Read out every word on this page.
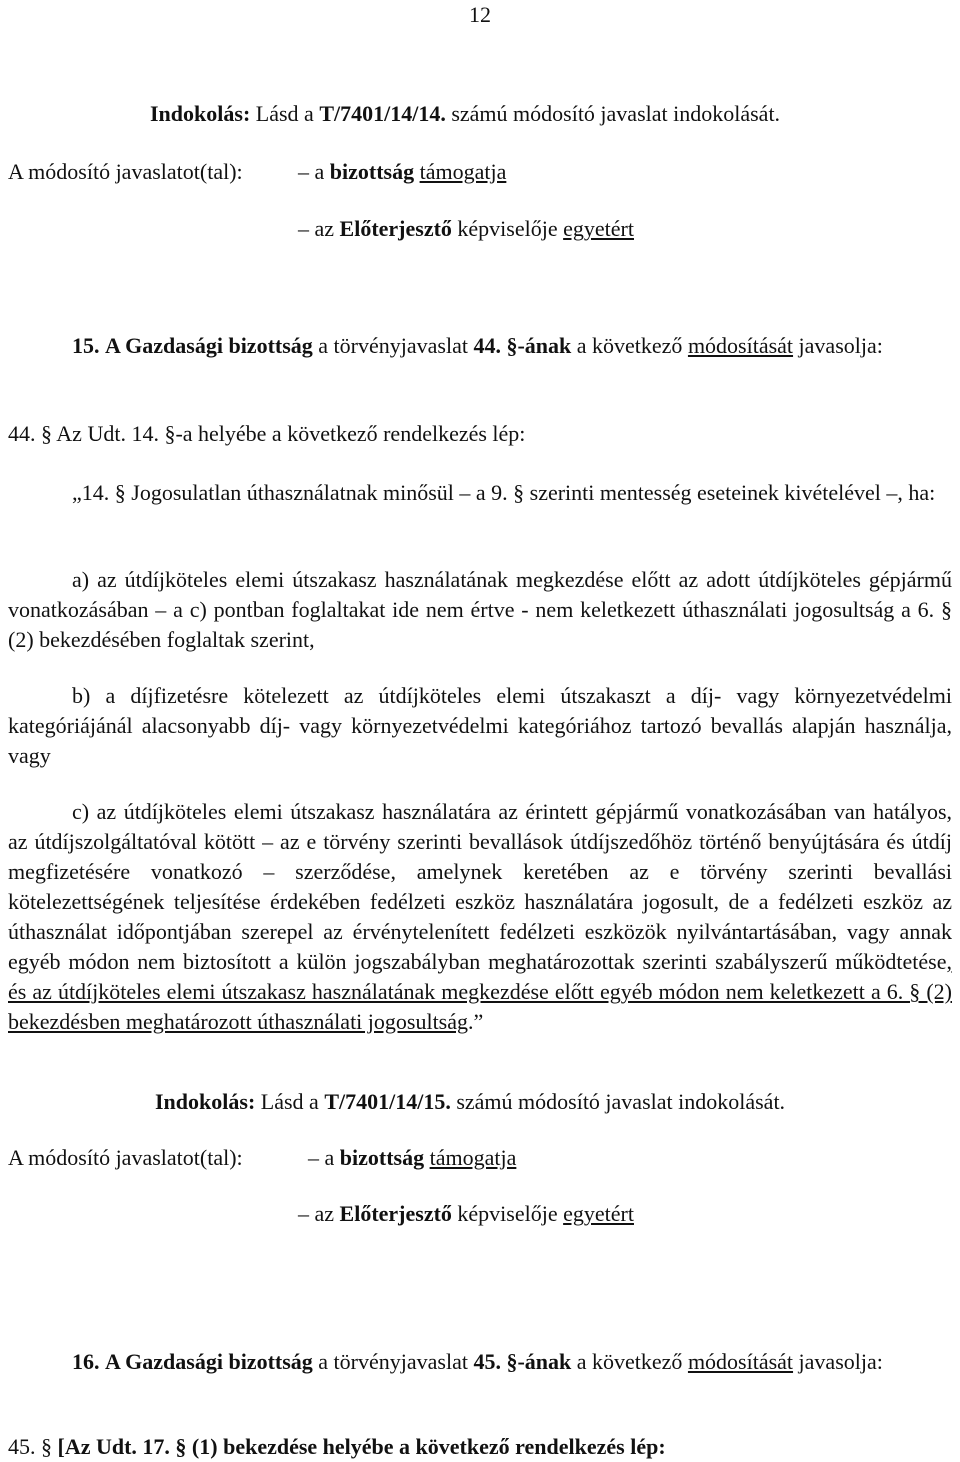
12
Indokolás: Lásd a T/7401/14/14. számú módosító javaslat indokolását.
A módosító javaslatot(tal):	– a bizottság támogatja
– az Előterjesztő képviselője egyetért
15. A Gazdasági bizottság a törvényjavaslat 44. §-ának a következő módosítását javasolja:
44. § Az Udt. 14. §-a helyébe a következő rendelkezés lép:
„14. § Jogosulatlan úthasználatnak minősül – a 9. § szerinti mentesség eseteinek kivételével –, ha:
a) az útdíjköteles elemi útszakasz használatának megkezdése előtt az adott útdíjköteles gépjármű vonatkozásában – a c) pontban foglaltakat ide nem értve - nem keletkezett úthasználati jogosultság a 6. § (2) bekezdésében foglaltak szerint,
b) a díjfizetésre kötelezett az útdíjköteles elemi útszakaszt a díj- vagy környezetvédelmi kategóriájánál alacsonyabb díj- vagy környezetvédelmi kategóriához tartozó bevallás alapján használja, vagy
c) az útdíjköteles elemi útszakasz használatára az érintett gépjármű vonatkozásában van hatályos, az útdíjszolgáltatóval kötött – az e törvény szerinti bevallások útdíjszedőhöz történő benyújtására és útdíj megfizetésére vonatkozó – szerződése, amelynek keretében az e törvény szerinti bevallási kötelezettségének teljesítése érdekében fedélzeti eszköz használatára jogosult, de a fedélzeti eszköz az úthasználat időpontjában szerepel az érvénytelenített fedélzeti eszközök nyilvántartásában, vagy annak egyéb módon nem biztosított a külön jogszabályban meghatározottak szerinti szabályszerű működtetése, és az útdíjköteles elemi útszakasz használatának megkezdése előtt egyéb módon nem keletkezett a 6. § (2) bekezdésben meghatározott úthasználati jogosultság.”
Indokolás: Lásd a T/7401/14/15. számú módosító javaslat indokolását.
A módosító javaslatot(tal):	– a bizottság támogatja
– az Előterjesztő képviselője egyetért
16. A Gazdasági bizottság a törvényjavaslat 45. §-ának a következő módosítását javasolja:
45. § [Az Udt. 17. § (1) bekezdése helyébe a következő rendelkezés lép:
